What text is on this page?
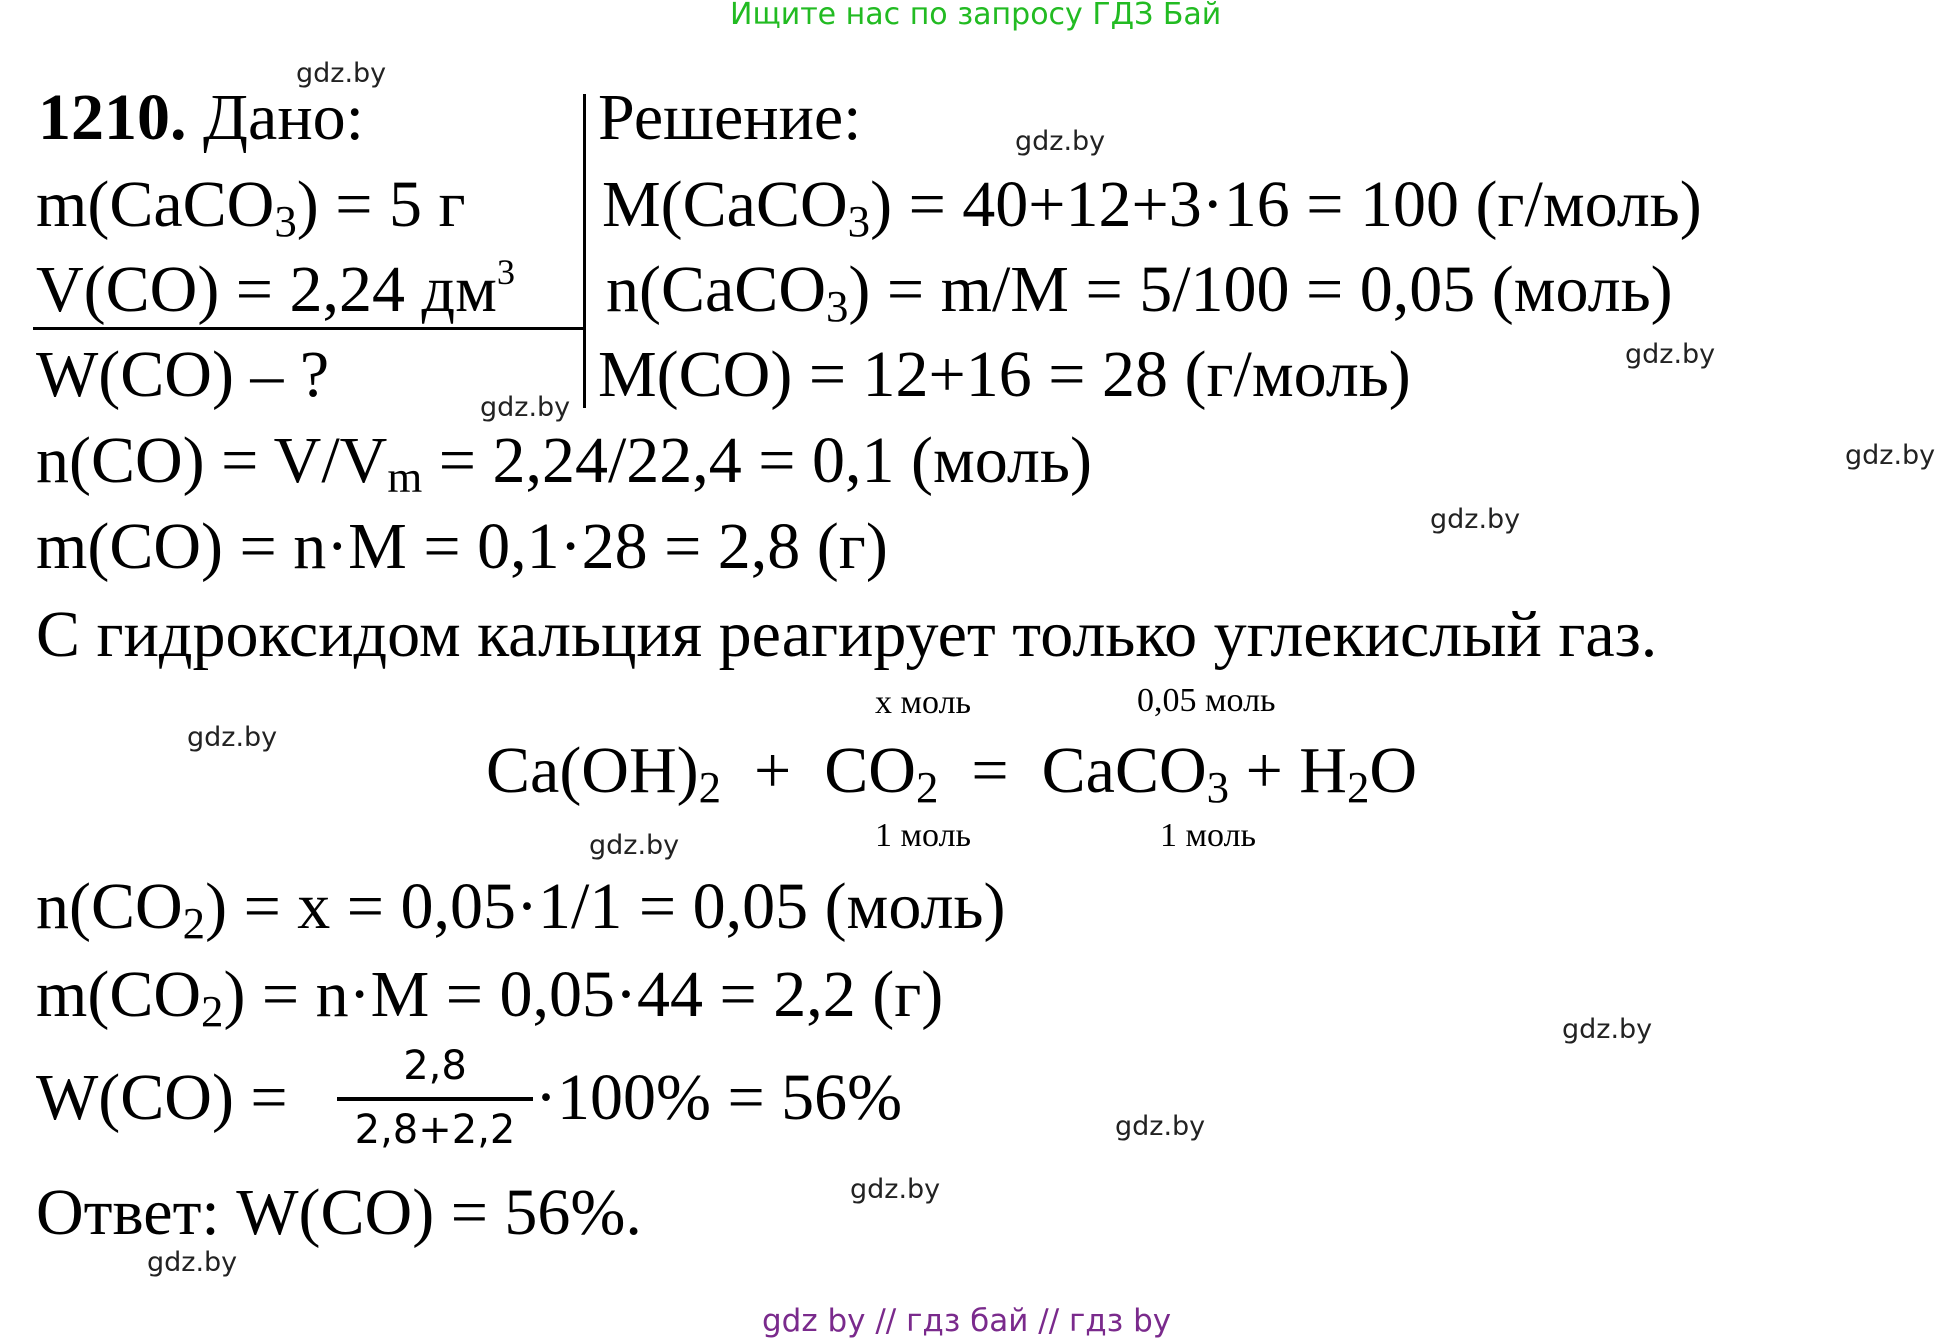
Ищите нас по запросу ГДЗ Бай
1210. Дано:
m(CaCO$_3$) = 5 г
V(CO) = 2,24 $дм^3$
W(CO) – ?
Решение:
M(CaCO$_3$) = 40+12+3·16 = 100 (г/моль)
n(CaCO$_3$) = m/M = 5/100 = 0,05 (моль)
M(CO) = 12+16 = 28 (г/моль)
$n(CO) = V/V_m = 2,24/22,4 = 0,1$ (моль)
m(CO) = n·M = 0,1·28 = 2,8 (г)
С гидроксидом кальция реагирует только углекислый газ.
x моль	0,05 моль
$Ca(OH)_2 + CO_2$ = CaCO$_3$ + $H_2O$
1 моль	1 моль
$n(CO_2) = x = 0,05\cdot 1/1 = 0,05$ (моль)
$m(CO_2) = n\cdot M = 0,05\cdot 44 = 2,2$ (г)
W(CO) =	2,8
2,8+2,2 ·100% = 56%
Ответ: W(CO) = 56%.
gdz.by
gdz.by
gdz.by
gdz.by
gdz.by
gdz.by
gdz.by
gdz.by
gdz.by
gdz.by
gdz.by
gdz.by
gdz by // гдз бай // гдз by
